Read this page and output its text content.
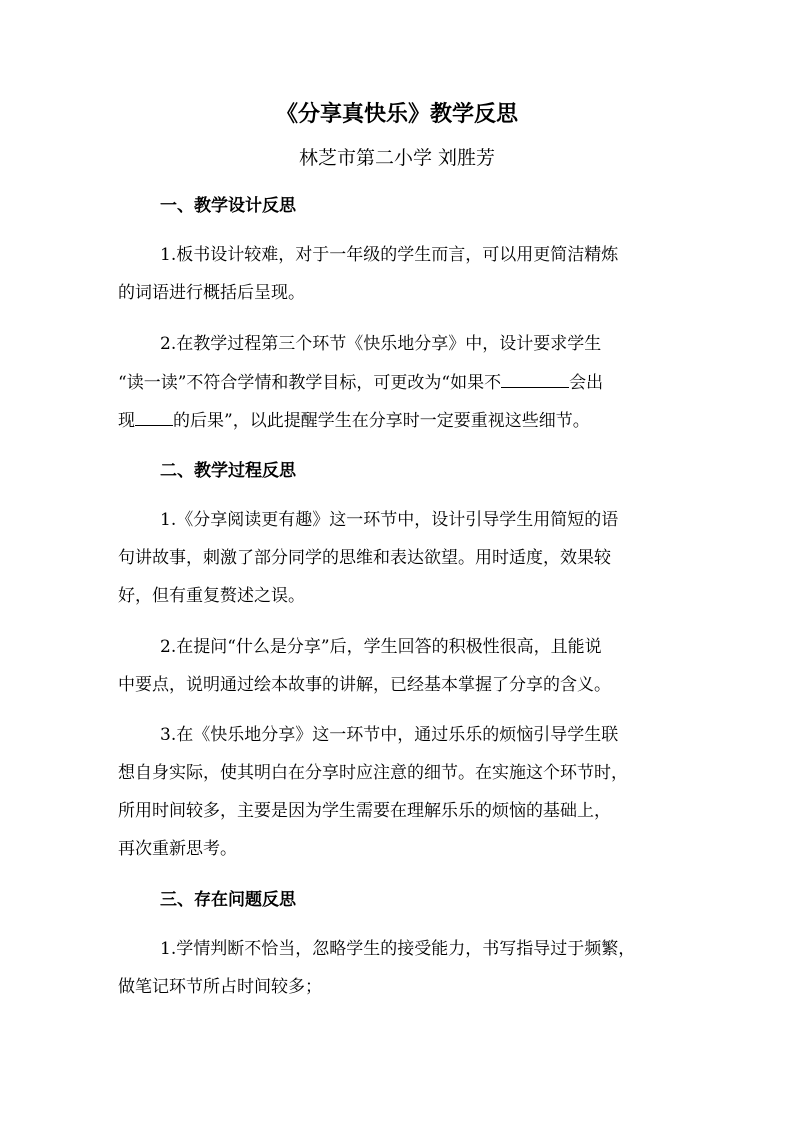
《分享真快乐》教学反思
林芝市第二小学 刘胜芳
一、教学设计反思
1.板书设计较难，对于一年级的学生而言，可以用更简洁精炼
的词语进行概括后呈现。
2.在教学过程第三个环节《快乐地分享》中，设计要求学生
“读一读”不符合学情和教学目标，可更改为“如果不	会出
现 的后果”，以此提醒学生在分享时一定要重视这些细节。
二、教学过程反思
1.《分享阅读更有趣》这一环节中，设计引导学生用简短的语
句讲故事，刺激了部分同学的思维和表达欲望。用时适度，效果较
好，但有重复赘述之误。
2.在提问“什么是分享”后，学生回答的积极性很高，且能说
中要点，说明通过绘本故事的讲解，已经基本掌握了分享的含义。
3.在《快乐地分享》这一环节中，通过乐乐的烦恼引导学生联
想自身实际，使其明白在分享时应注意的细节。在实施这个环节时，
所用时间较多，主要是因为学生需要在理解乐乐的烦恼的基础上，
再次重新思考。
三、存在问题反思
1.学情判断不恰当，忽略学生的接受能力，书写指导过于频繁，
做笔记环节所占时间较多；
